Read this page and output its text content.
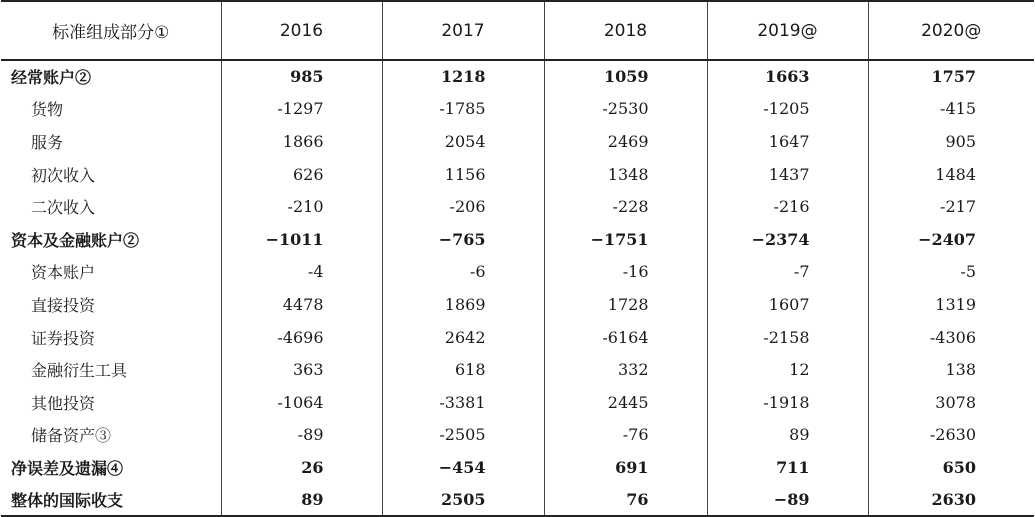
标准组成部分①	2016	2017	2018	2019@	2020@
经常账户②	985	1218	1059	1663	1757
货物	-1297	-1785	-2530	-1205	-415
服务	1866	2054	2469	1647	905
初次收入	626	1156	1348	1437	1484
二次收入	-210	-206	-228	-216	-217
资本及金融账户②	−1011	−765	−1751	−2374	−2407
资本账户	-4	-6	-16	-7	-5
直接投资	4478	1869	1728	1607	1319
证券投资	-4696	2642	-6164	-2158	-4306
金融衍生工具	363	618	332	12	138
其他投资	-1064	-3381	2445	-1918	3078
储备资产③	-89	-2505	-76	89	-2630
净误差及遗漏④	26	−454	691	711	650
整体的国际收支	89	2505	76	−89	2630
